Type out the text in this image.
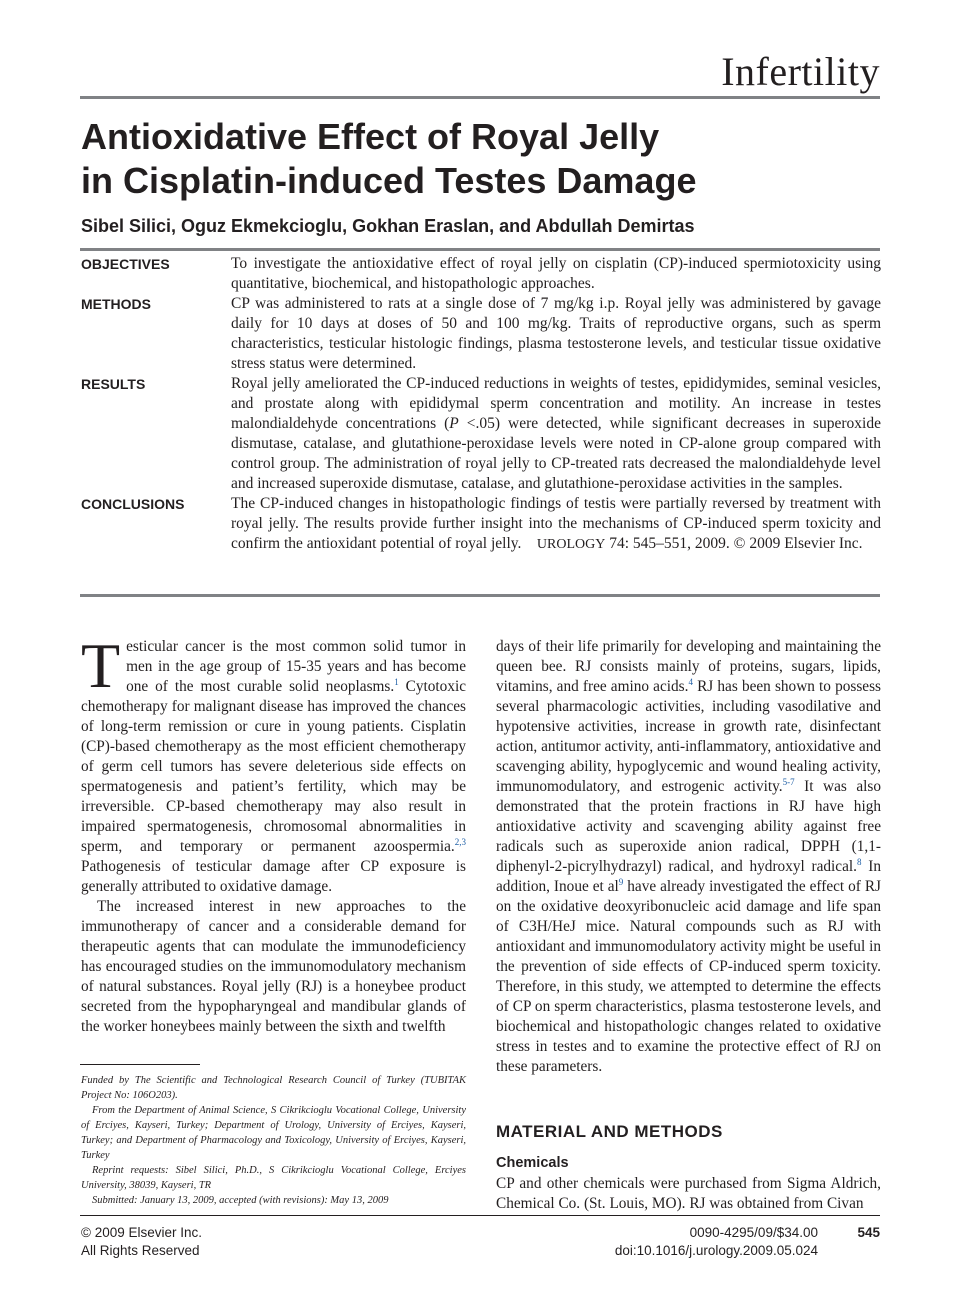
Infertility
Antioxidative Effect of Royal Jelly
in Cisplatin-induced Testes Damage
Sibel Silici, Oguz Ekmekcioglu, Gokhan Eraslan, and Abdullah Demirtas
OBJECTIVES	To investigate the antioxidative effect of royal jelly on cisplatin (CP)-induced spermiotoxicity using quantitative, biochemical, and histopathologic approaches.
METHODS	CP was administered to rats at a single dose of 7 mg/kg i.p. Royal jelly was administered by gavage daily for 10 days at doses of 50 and 100 mg/kg. Traits of reproductive organs, such as sperm characteristics, testicular histologic findings, plasma testosterone levels, and testicular tissue oxidative stress status were determined.
RESULTS	Royal jelly ameliorated the CP-induced reductions in weights of testes, epididymides, seminal vesicles, and prostate along with epididymal sperm concentration and motility. An increase in testes malondialdehyde concentrations (P <.05) were detected, while significant decreases in superoxide dismutase, catalase, and glutathione-peroxidase levels were noted in CP-alone group compared with control group. The administration of royal jelly to CP-treated rats decreased the malondialdehyde level and increased superoxide dismutase, catalase, and glutathione-peroxidase activities in the samples.
CONCLUSIONS	The CP-induced changes in histopathologic findings of testis were partially reversed by treatment with royal jelly. The results provide further insight into the mechanisms of CP-induced sperm toxicity and confirm the antioxidant potential of royal jelly. UROLOGY 74: 545–551, 2009. © 2009 Elsevier Inc.

Testicular cancer is the most common solid tumor in men in the age group of 15-35 years and has become one of the most curable solid neoplasms.$^1$ Cytotoxic chemotherapy for malignant disease has improved the chances of long-term remission or cure in young patients. Cisplatin (CP)-based chemotherapy as the most efficient chemotherapy of germ cell tumors has severe deleterious side effects on spermatogenesis and patient’s fertility, which may be irreversible. CP-based chemotherapy may also result in impaired spermatogenesis, chromosomal abnormalities in sperm, and temporary or permanent azoospermia.$^{2,3}$ Pathogenesis of testicular damage after CP exposure is generally attributed to oxidative damage.

The increased interest in new approaches to the immunotherapy of cancer and a considerable demand for therapeutic agents that can modulate the immunodeficiency has encouraged studies on the immunomodulatory mechanism of natural substances. Royal jelly (RJ) is a honeybee product secreted from the hypopharyngeal and mandibular glands of the worker honeybees mainly between the sixth and twelfth

days of their life primarily for developing and maintaining the queen bee. RJ consists mainly of proteins, sugars, lipids, vitamins, and free amino acids.$^4$ RJ has been shown to possess several pharmacologic activities, including vasodilative and hypotensive activities, increase in growth rate, disinfectant action, antitumor activity, anti-inflammatory, antioxidative and scavenging ability, hypoglycemic and wound healing activity, immunomodulatory, and estrogenic activity.$^{5-7}$ It was also demonstrated that the protein fractions in RJ have high antioxidative activity and scavenging ability against free radicals such as superoxide anion radical, DPPH (1,1-diphenyl-2-picrylhydrazyl) radical, and hydroxyl radical.$^8$ In addition, Inoue et $al^9$ have already investigated the effect of RJ on the oxidative deoxyribonucleic acid damage and life span of C3H/HeJ mice. Natural compounds such as RJ with antioxidant and immunomodulatory activity might be useful in the prevention of side effects of CP-induced sperm toxicity. Therefore, in this study, we attempted to determine the effects of CP on sperm characteristics, plasma testosterone levels, and biochemical and histopathologic changes related to oxidative stress in testes and to examine the protective effect of RJ on these parameters.

Funded by The Scientific and Technological Research Council of Turkey (TUBITAK Project No: 106O203).

From the Department of Animal Science, S Cikrikcioglu Vocational College, University of Erciyes, Kayseri, Turkey; Department of Urology, University of Erciyes, Kayseri, Turkey; and Department of Pharmacology and Toxicology, University of Erciyes, Kayseri, Turkey

Reprint requests: Sibel Silici, Ph.D., S Cikrikcioglu Vocational College, Erciyes University, 38039, Kayseri, TR

Submitted: January 13, 2009, accepted (with revisions): May 13, 2009

MATERIAL AND METHODS
Chemicals
CP and other chemicals were purchased from Sigma Aldrich, Chemical Co. (St. Louis, MO). RJ was obtained from Civan
© 2009 Elsevier Inc.
All Rights Reserved
0090-4295/09/$34.00
doi:10.1016/j.urology.2009.05.024
545
